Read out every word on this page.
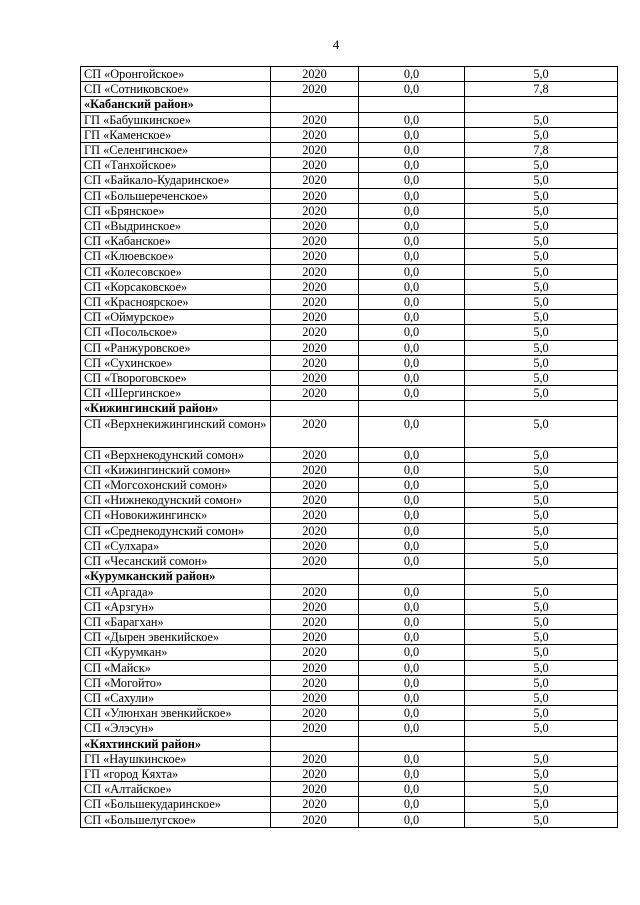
4
СП «Оронгойское»	2020	0,0	5,0
СП «Сотниковское»	2020	0,0	7,8
«Кабанский район»			
ГП «Бабушкинское»	2020	0,0	5,0
ГП «Каменское»	2020	0,0	5,0
ГП «Селенгинское»	2020	0,0	7,8
СП «Танхойское»	2020	0,0	5,0
СП «Байкало-Кударинское»	2020	0,0	5,0
СП «Большереченское»	2020	0,0	5,0
СП «Брянское»	2020	0,0	5,0
СП «Выдринское»	2020	0,0	5,0
СП «Кабанское»	2020	0,0	5,0
СП «Клюевское»	2020	0,0	5,0
СП «Колесовское»	2020	0,0	5,0
СП «Корсаковское»	2020	0,0	5,0
СП «Красноярское»	2020	0,0	5,0
СП «Оймурское»	2020	0,0	5,0
СП «Посольское»	2020	0,0	5,0
СП «Ранжуровское»	2020	0,0	5,0
СП «Сухинское»	2020	0,0	5,0
СП «Твороговское»	2020	0,0	5,0
СП «Шергинское»	2020	0,0	5,0
«Кижингинский район»			
СП «Верхнекижингинский сомон»	2020	0,0	5,0
СП «Верхнекодунский сомон»	2020	0,0	5,0
СП «Кижингинский сомон»	2020	0,0	5,0
СП «Могсохонский сомон»	2020	0,0	5,0
СП «Нижнекодунский сомон»	2020	0,0	5,0
СП «Новокижингинск»	2020	0,0	5,0
СП «Среднекодунский сомон»	2020	0,0	5,0
СП «Сулхара»	2020	0,0	5,0
СП «Чесанский сомон»	2020	0,0	5,0
«Курумканский район»			
СП «Аргада»	2020	0,0	5,0
СП «Арзгун»	2020	0,0	5,0
СП «Барагхан»	2020	0,0	5,0
СП «Дырен эвенкийское»	2020	0,0	5,0
СП «Курумкан»	2020	0,0	5,0
СП «Майск»	2020	0,0	5,0
СП «Могойто»	2020	0,0	5,0
СП «Сахули»	2020	0,0	5,0
СП «Улюнхан эвенкийское»	2020	0,0	5,0
СП «Элэсун»	2020	0,0	5,0
«Кяхтинский район»			
ГП «Наушкинское»	2020	0,0	5,0
ГП «город Кяхта»	2020	0,0	5,0
СП «Алтайское»	2020	0,0	5,0
СП «Большекударинское»	2020	0,0	5,0
СП «Большелугское»	2020	0,0	5,0
